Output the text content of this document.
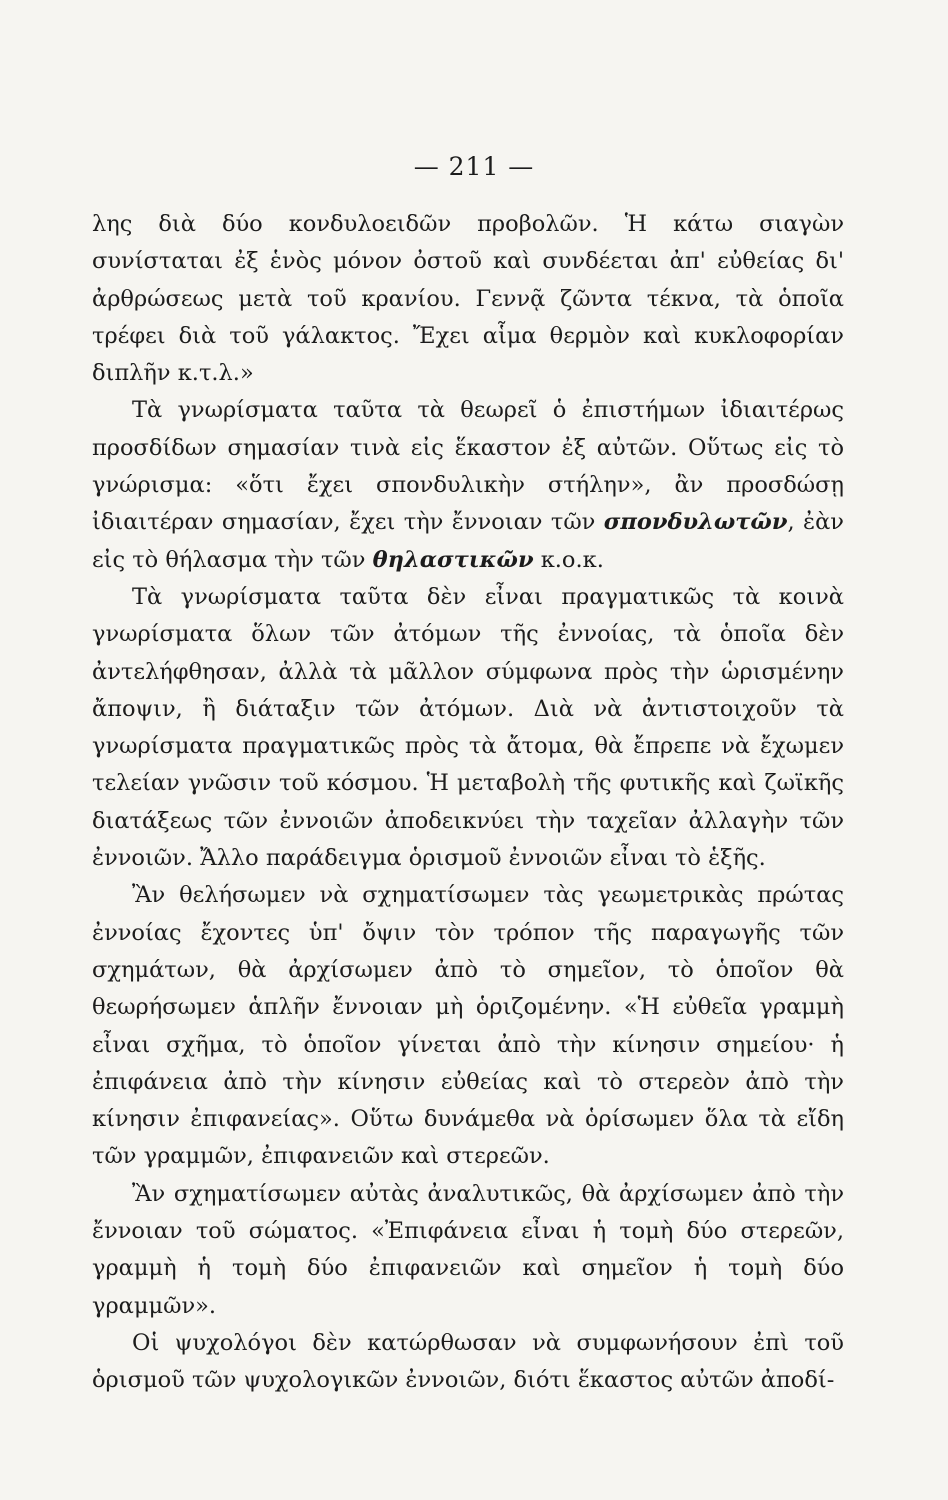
— 211 —

λης διὰ δύο κονδυλοειδῶν προβολῶν. Ἡ κάτω σιαγὼν συνίσταται ἐξ ἑνὸς μόνον ὀστοῦ καὶ συνδέεται ἀπ' εὐθείας δι' ἀρθρώσεως μετὰ τοῦ κρανίου. Γεννᾷ ζῶντα τέκνα, τὰ ὁποῖα τρέφει διὰ τοῦ γάλακτος. Ἔχει αἷμα θερμὸν καὶ κυκλοφορίαν διπλῆν κ.τ.λ.»

Τὰ γνωρίσματα ταῦτα τὰ θεωρεῖ ὁ ἐπιστήμων ἰδιαιτέρως προσδίδων σημασίαν τινὰ εἰς ἕκαστον ἐξ αὐτῶν. Οὕτως εἰς τὸ γνώρισμα: «ὅτι ἔχει σπονδυλικὴν στήλην», ἂν προσδώσῃ ἰδιαιτέραν σημασίαν, ἔχει τὴν ἔννοιαν τῶν σπονδυλωτῶν, ἐὰν εἰς τὸ θήλασμα τὴν τῶν θηλαστικῶν κ.ο.κ.

Τὰ γνωρίσματα ταῦτα δὲν εἶναι πραγματικῶς τὰ κοινὰ γνωρίσματα ὅλων τῶν ἀτόμων τῆς ἐννοίας, τὰ ὁποῖα δὲν ἀντελήφθησαν, ἀλλὰ τὰ μᾶλλον σύμφωνα πρὸς τὴν ὡρισμένην ἄποψιν, ἢ διάταξιν τῶν ἀτόμων. Διὰ νὰ ἀντιστοιχοῦν τὰ γνωρίσματα πραγματικῶς πρὸς τὰ ἄτομα, θὰ ἔπρεπε νὰ ἔχωμεν τελείαν γνῶσιν τοῦ κόσμου. Ἡ μεταβολὴ τῆς φυτικῆς καὶ ζωϊκῆς διατάξεως τῶν ἐννοιῶν ἀποδεικνύει τὴν ταχεῖαν ἀλλαγὴν τῶν ἐννοιῶν. Ἄλλο παράδειγμα ὁρισμοῦ ἐννοιῶν εἶναι τὸ ἑξῆς.

Ἂν θελήσωμεν νὰ σχηματίσωμεν τὰς γεωμετρικὰς πρώτας ἐννοίας ἔχοντες ὑπ' ὄψιν τὸν τρόπον τῆς παραγωγῆς τῶν σχημάτων, θὰ ἀρχίσωμεν ἀπὸ τὸ σημεῖον, τὸ ὁποῖον θὰ θεωρήσωμεν ἁπλῆν ἔννοιαν μὴ ὁριζομένην. «Ἡ εὐθεῖα γραμμὴ εἶναι σχῆμα, τὸ ὁποῖον γίνεται ἀπὸ τὴν κίνησιν σημείου· ἡ ἐπιφάνεια ἀπὸ τὴν κίνησιν εὐθείας καὶ τὸ στερεὸν ἀπὸ τὴν κίνησιν ἐπιφανείας». Οὕτω δυνάμεθα νὰ ὁρίσωμεν ὅλα τὰ εἴδη τῶν γραμμῶν, ἐπιφανειῶν καὶ στερεῶν.

Ἂν σχηματίσωμεν αὐτὰς ἀναλυτικῶς, θὰ ἀρχίσωμεν ἀπὸ τὴν ἔννοιαν τοῦ σώματος. «Ἐπιφάνεια εἶναι ἡ τομὴ δύο στερεῶν, γραμμὴ ἡ τομὴ δύο ἐπιφανειῶν καὶ σημεῖον ἡ τομὴ δύο γραμμῶν».

Οἱ ψυχολόγοι δὲν κατώρθωσαν νὰ συμφωνήσουν ἐπὶ τοῦ ὁρισμοῦ τῶν ψυχολογικῶν ἐννοιῶν, διότι ἕκαστος αὐτῶν ἀποδί-
